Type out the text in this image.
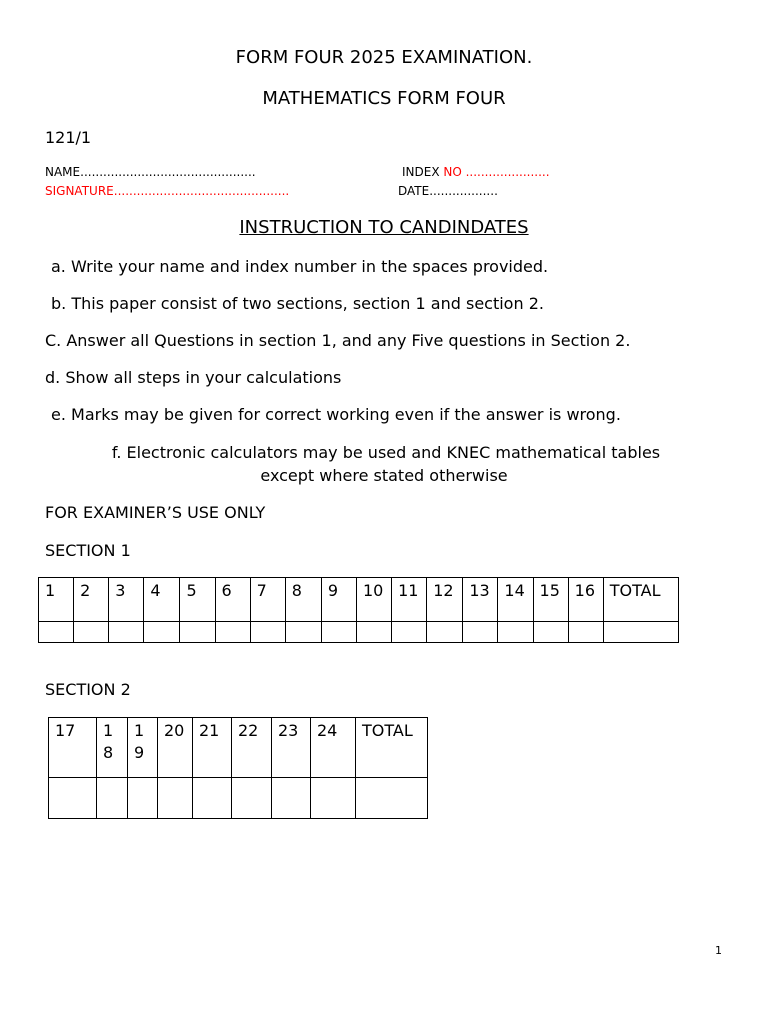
FORM FOUR 2025 EXAMINATION.
MATHEMATICS FORM FOUR
121/1
NAME..............................................	INDEX NO ......................
SIGNATURE..............................................	DATE..................
INSTRUCTION TO CANDINDATES
a. Write your name and index number in the spaces provided.
b. This paper consist of two sections, section 1 and section 2.
C. Answer all Questions in section 1, and any Five questions in Section 2.
d. Show all steps in your calculations
e. Marks may be given for correct working even if the answer is wrong.
f. Electronic calculators may be used and KNEC mathematical tables
except where stated otherwise
FOR EXAMINER’S USE ONLY
SECTION 1
1	2	3	4	5	6	7	8	9	10	11	12	13	14	15	16	TOTAL

SECTION 2
17	18	19	20	21	22	23	24	TOTAL

1
